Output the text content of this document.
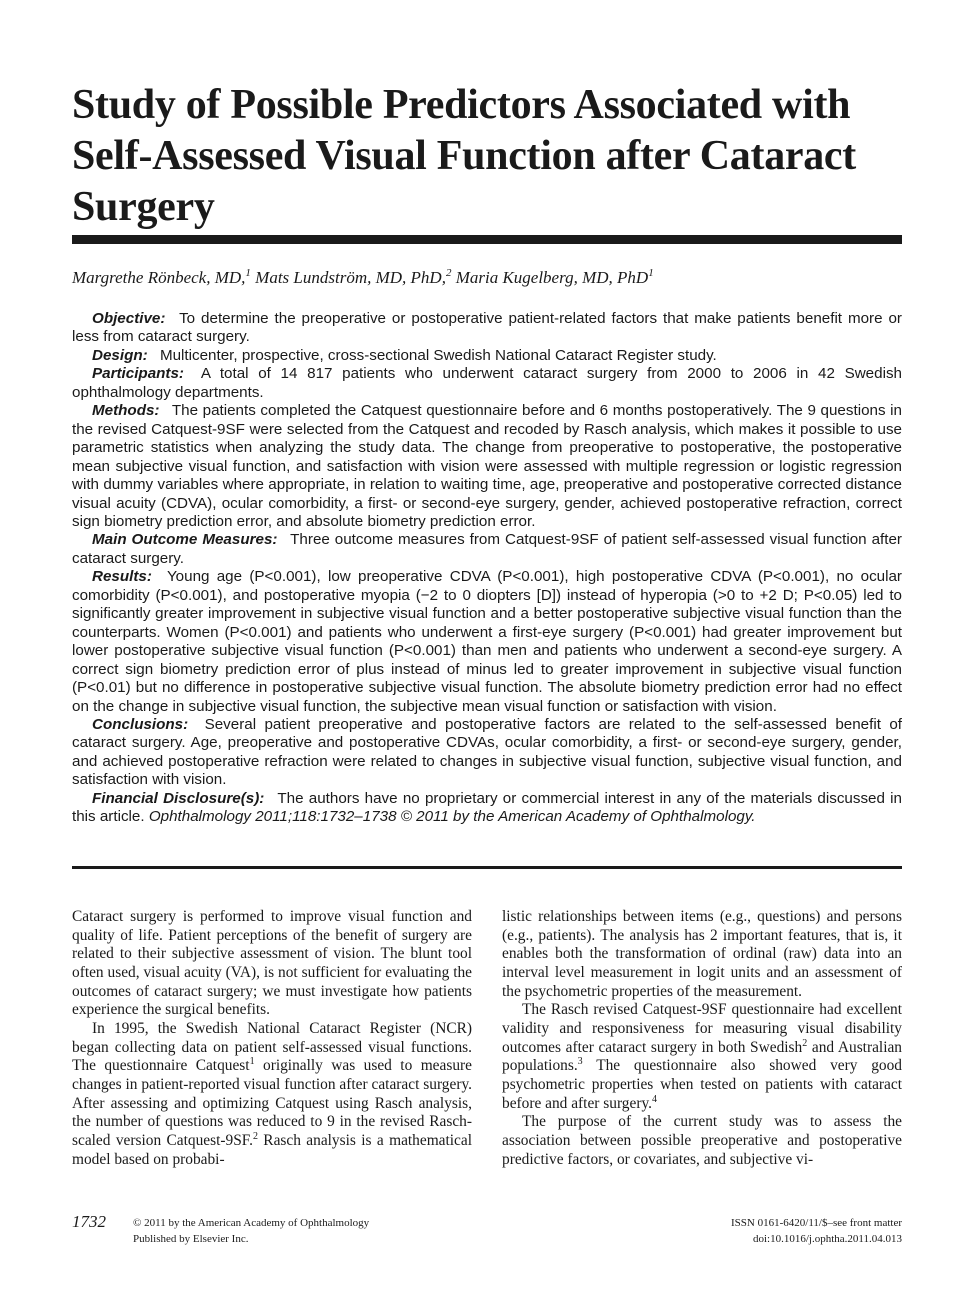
Study of Possible Predictors Associated with Self-Assessed Visual Function after Cataract Surgery
Margrethe Rönbeck, MD,$^1$ Mats Lundström, MD, PhD,$^2$ Maria Kugelberg, MD, PhD$^1$
Objective: To determine the preoperative or postoperative patient-related factors that make patients benefit more or less from cataract surgery.
Design: Multicenter, prospective, cross-sectional Swedish National Cataract Register study.
Participants: A total of 14 817 patients who underwent cataract surgery from 2000 to 2006 in 42 Swedish ophthalmology departments.
Methods: The patients completed the Catquest questionnaire before and 6 months postoperatively. The 9 questions in the revised Catquest-9SF were selected from the Catquest and recoded by Rasch analysis, which makes it possible to use parametric statistics when analyzing the study data. The change from preoperative to postoperative, the postoperative mean subjective visual function, and satisfaction with vision were assessed with multiple regression or logistic regression with dummy variables where appropriate, in relation to waiting time, age, preoperative and postoperative corrected distance visual acuity (CDVA), ocular comorbidity, a first- or second-eye surgery, gender, achieved postoperative refraction, correct sign biometry prediction error, and absolute biometry prediction error.
Main Outcome Measures: Three outcome measures from Catquest-9SF of patient self-assessed visual function after cataract surgery.
Results: Young age (P<0.001), low preoperative CDVA (P<0.001), high postoperative CDVA (P<0.001), no ocular comorbidity (P<0.001), and postoperative myopia (−2 to 0 diopters [D]) instead of hyperopia (>0 to +2 D; P<0.05) led to significantly greater improvement in subjective visual function and a better postoperative subjective visual function than the counterparts. Women (P<0.001) and patients who underwent a first-eye surgery (P<0.001) had greater improvement but lower postoperative subjective visual function (P<0.001) than men and patients who underwent a second-eye surgery. A correct sign biometry prediction error of plus instead of minus led to greater improvement in subjective visual function (P<0.01) but no difference in postoperative subjective visual function. The absolute biometry prediction error had no effect on the change in subjective visual function, the subjective mean visual function or satisfaction with vision.
Conclusions: Several patient preoperative and postoperative factors are related to the self-assessed benefit of cataract surgery. Age, preoperative and postoperative CDVAs, ocular comorbidity, a first- or second-eye surgery, gender, and achieved postoperative refraction were related to changes in subjective visual function, subjective visual function, and satisfaction with vision.
Financial Disclosure(s): The authors have no proprietary or commercial interest in any of the materials discussed in this article. Ophthalmology 2011;118:1732–1738 © 2011 by the American Academy of Ophthalmology.

Cataract surgery is performed to improve visual function and quality of life. Patient perceptions of the benefit of surgery are related to their subjective assessment of vision. The blunt tool often used, visual acuity (VA), is not sufficient for evaluating the outcomes of cataract surgery; we must investigate how patients experience the surgical benefits.

In 1995, the Swedish National Cataract Register (NCR) began collecting data on patient self-assessed visual functions. The questionnaire Catquest$^1$ originally was used to measure changes in patient-reported visual function after cataract surgery. After assessing and optimizing Catquest using Rasch analysis, the number of questions was reduced to 9 in the revised Rasch-scaled version Catquest-9SF.$^2$ Rasch analysis is a mathematical model based on probabi-

listic relationships between items (e.g., questions) and persons (e.g., patients). The analysis has 2 important features, that is, it enables both the transformation of ordinal (raw) data into an interval level measurement in logit units and an assessment of the psychometric properties of the measurement.

The Rasch revised Catquest-9SF questionnaire had excellent validity and responsiveness for measuring visual disability outcomes after cataract surgery in both Swedish$^2$ and Australian populations.$^3$ The questionnaire also showed very good psychometric properties when tested on patients with cataract before and after surgery.$^4$

The purpose of the current study was to assess the association between possible preoperative and postoperative predictive factors, or covariates, and subjective vi-

1732 © 2011 by the American Academy of Ophthalmology
Published by Elsevier Inc.
ISSN 0161-6420/11/$–see front matter
doi:10.1016/j.ophtha.2011.04.013
